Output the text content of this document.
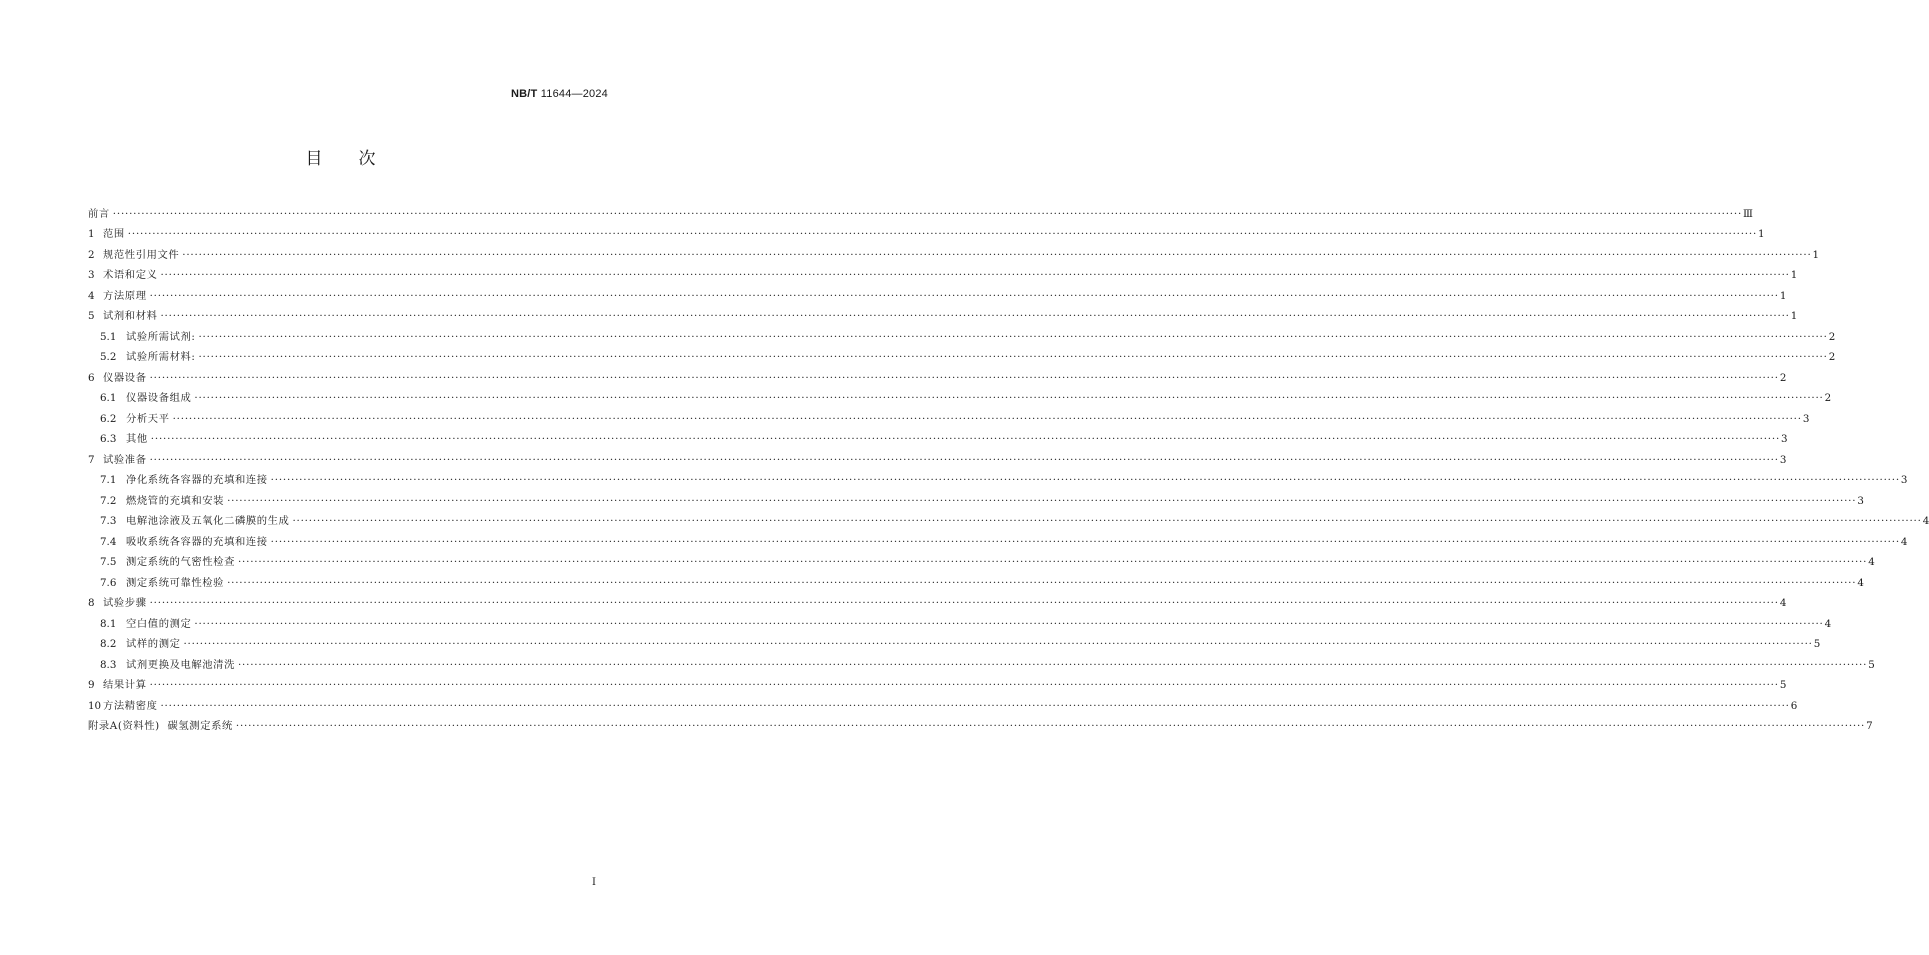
NB/T 11644—2024
目次
前言 ················································································································································································································································································································································································································ Ⅲ
1 范围 ················································································································································································································································································································································································································ 1
2 规范性引用文件 ················································································································································································································································································································································································································ 1
3 术语和定义 ················································································································································································································································································································································································································ 1
4 方法原理 ················································································································································································································································································································································································································ 1
5 试剂和材料 ················································································································································································································································································································································································································ 1
5.1 试验所需试剂: ················································································································································································································································································································································································································ 2
5.2 试验所需材料: ················································································································································································································································································································································································································ 2
6 仪器设备 ················································································································································································································································································································································································································ 2
6.1 仪器设备组成 ················································································································································································································································································································································································································ 2
6.2 分析天平 ················································································································································································································································································································································································································ 3
6.3 其他 ················································································································································································································································································································································································································ 3
7 试验准备 ················································································································································································································································································································································································································ 3
7.1 净化系统各容器的充填和连接 ················································································································································································································································································································································································································ 3
7.2 燃烧管的充填和安装 ················································································································································································································································································································································································································ 3
7.3 电解池涂液及五氧化二磷膜的生成 ················································································································································································································································································································································································································ 4
7.4 吸收系统各容器的充填和连接 ················································································································································································································································································································································································································ 4
7.5 测定系统的气密性检查 ················································································································································································································································································································································································································ 4
7.6 测定系统可靠性检验 ················································································································································································································································································································································································································ 4
8 试验步骤 ················································································································································································································································································································································································································ 4
8.1 空白值的测定 ················································································································································································································································································································································································································ 4
8.2 试样的测定 ················································································································································································································································································································································································································ 5
8.3 试剂更换及电解池清洗 ················································································································································································································································································································································································································ 5
9 结果计算 ················································································································································································································································································································································································································ 5
10 方法精密度 ················································································································································································································································································································································································································ 6
附录A(资料性)  碳氢测定系统 ················································································································································································································································································································································································································ 7
Ⅰ
